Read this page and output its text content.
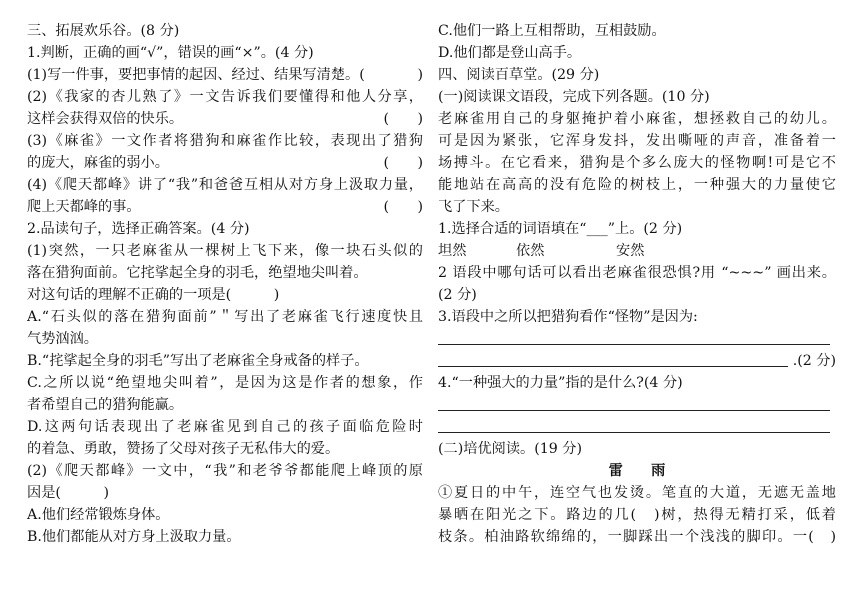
三、拓展欢乐谷。(8 分)
1.判断，正确的画“√”，错误的画“×”。(4 分)
(1)写一件事，要把事情的起因、经过、结果写清楚。(	)
(2)《我家的杏儿熟了》一文告诉我们要懂得和他人分享，
这样会获得双倍的快乐。	(　　)
(3)《麻雀》一文作者将猎狗和麻雀作比较，表现出了猎狗
的庞大，麻雀的弱小。	(　　)
(4)《爬天都峰》讲了“我”和爸爸互相从对方身上汲取力量，
爬上天都峰的事。	(　　)
2.品读句子，选择正确答案。(4 分)
(1)突然，一只老麻雀从一棵树上飞下来，像一块石头似的
落在猎狗面前。它挓挲起全身的羽毛，绝望地尖叫着。
对这句话的理解不正确的一项是(　　　)
A.“石头似的落在猎狗面前”＂写出了老麻雀飞行速度快且
气势汹汹。
B.“挓挲起全身的羽毛”写出了老麻雀全身戒备的样子。
C.之所以说“绝望地尖叫着”，是因为这是作者的想象，作
者希望自己的猎狗能赢。
D.这两句话表现出了老麻雀见到自己的孩子面临危险时
的着急、勇敢，赞扬了父母对孩子无私伟大的爱。
(2)《爬天都峰》一文中，“我”和老爷爷都能爬上峰顶的原
因是(　　　)
A.他们经常锻炼身体。
B.他们都能从对方身上汲取力量。
C.他们一路上互相帮助，互相鼓励。
D.他们都是登山高手。
四、阅读百草堂。(29 分)
(一)阅读课文语段，完成下列各题。(10 分)
老麻雀用自己的身躯掩护着小麻雀，想拯救自己的幼儿。
可是因为紧张，它浑身发抖，发出嘶哑的声音，准备着一
场搏斗。在它看来，猎狗是个多么庞大的怪物啊!可是它不
能地站在高高的没有危险的树枝上，一种强大的力量使它
飞了下来。
1.选择合适的词语填在“___”上。(2 分)
坦然	依然	安然
2 语段中哪句话可以看出老麻雀很恐惧?用 “~~~” 画出来。
(2 分)
3.语段中之所以把猎狗看作“怪物”是因为:
.(2 分)
4.“一种强大的力量”指的是什么?(4 分)
(二)培优阅读。(19 分)
雷　　雨
①夏日的中午，连空气也发烫。笔直的大道，无遮无盖地
暴晒在阳光之下。路边的几(　)树，热得无精打采，低着
枝条。柏油路软绵绵的，一脚踩出一个浅浅的脚印。一(　)
